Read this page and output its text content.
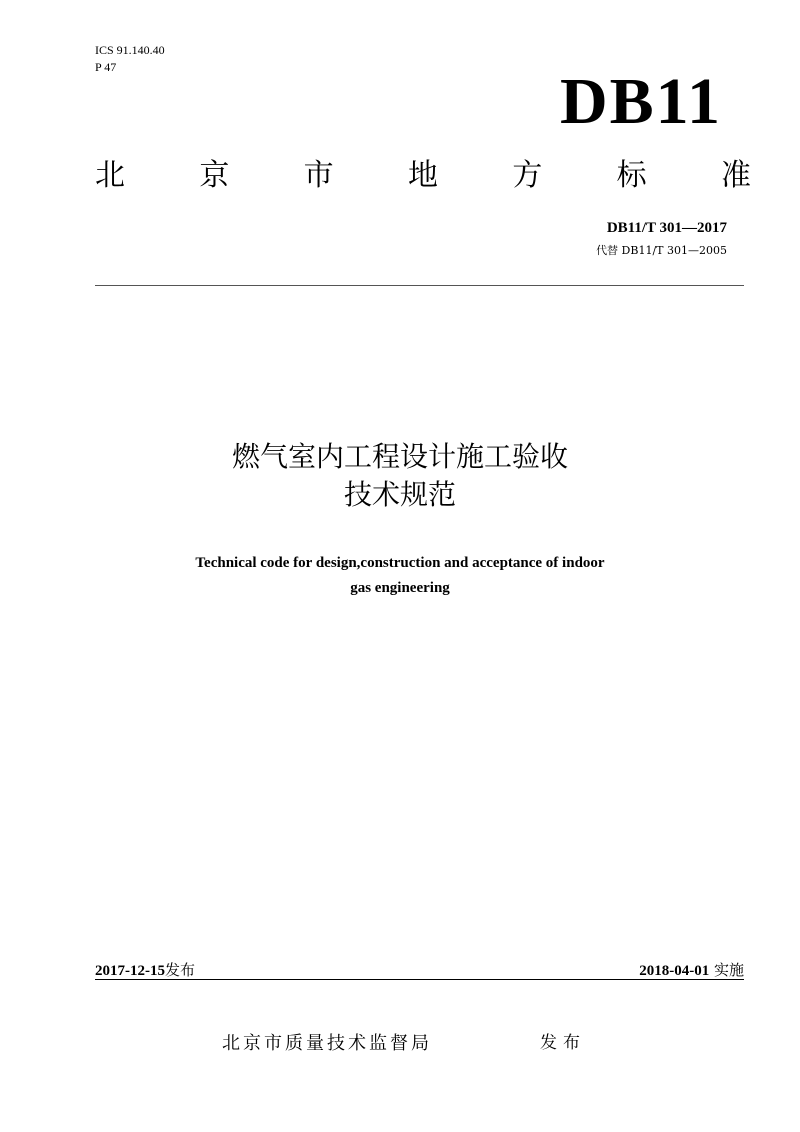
ICS 91.140.40
P 47	DB11
北 京 市 地 方 标 准
DB11/T 301—2017
代替 DB11/T 301—2005
燃气室内工程设计施工验收
技术规范
Technical code for design,construction and acceptance of indoor
gas engineering
2017-12-15发布	2018-04-01 实施
北京市质量技术监督局	发布
